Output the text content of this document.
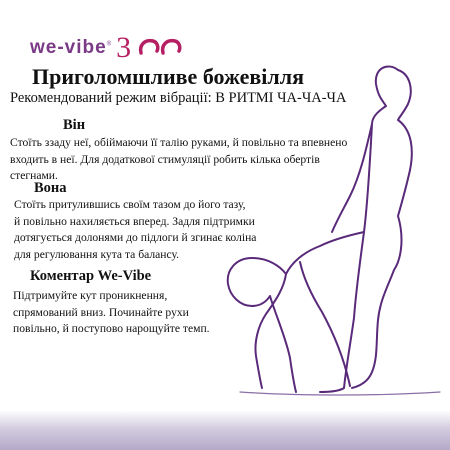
we-vibe® 3
Приголомшливе божевілля

Рекомендований режим вібрації: В РИТМІ ЧА-ЧА-ЧА

Він
Стоїть ззаду неї, обіймаючи її талію руками, й повільно та впевнено
входить в неї. Для додаткової стимуляції робить кілька обертів
стегнами.
Вона
Стоїть притулившись своїм тазом до його тазу,
й повільно нахиляється вперед. Задля підтримки
дотягується долонями до підлоги й згинає коліна
для регулювання кута та балансу.
Коментар We-Vibe
Підтримуйте кут проникнення,
спрямований вниз. Починайте рухи
повільно, й поступово нарощуйте темп.
